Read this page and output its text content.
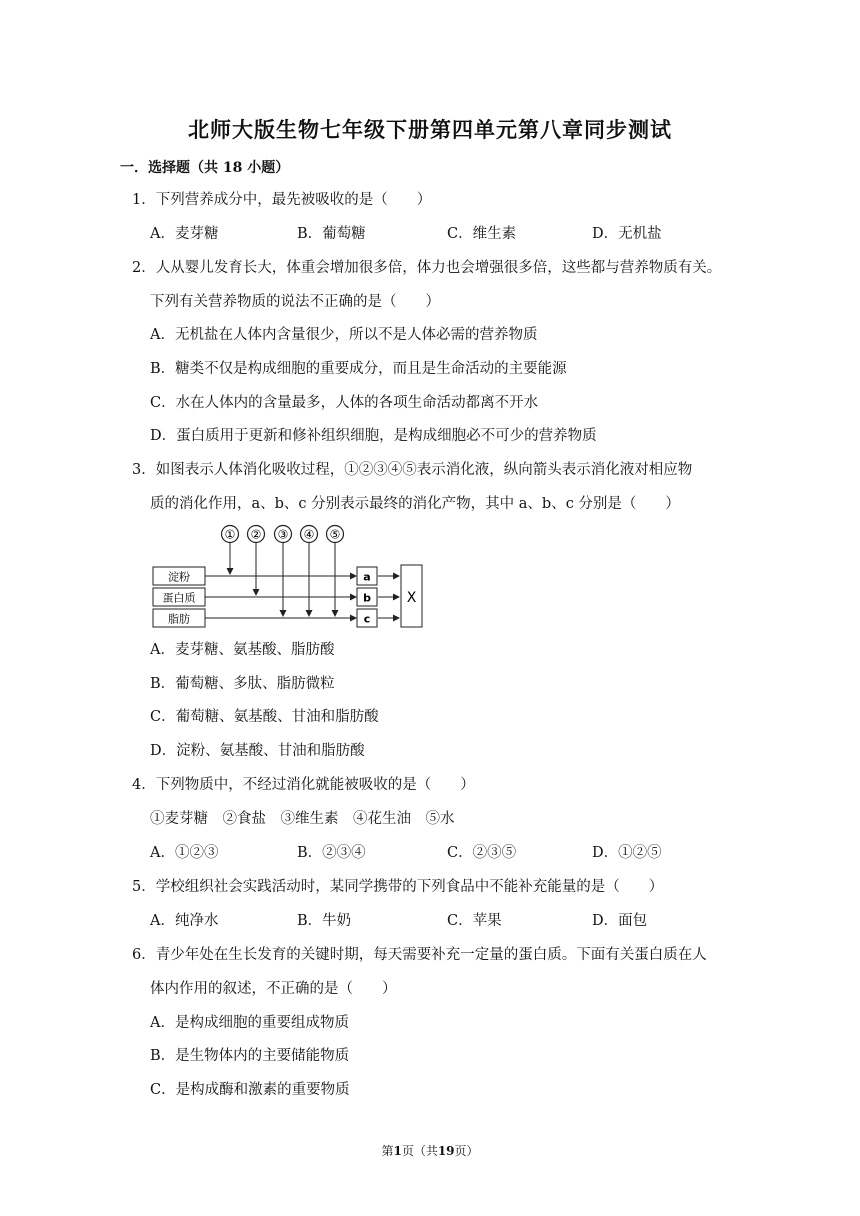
北师大版生物七年级下册第四单元第八章同步测试
一．选择题（共 18 小题）
1．下列营养成分中，最先被吸收的是（　　）
A．麦芽糖	B．葡萄糖	C．维生素	D．无机盐
2．人从婴儿发育长大，体重会增加很多倍，体力也会增强很多倍，这些都与营养物质有关。
下列有关营养物质的说法不正确的是（　　）
A．无机盐在人体内含量很少，所以不是人体必需的营养物质
B．糖类不仅是构成细胞的重要成分，而且是生命活动的主要能源
C．水在人体内的含量最多，人体的各项生命活动都离不开水
D．蛋白质用于更新和修补组织细胞，是构成细胞必不可少的营养物质
3．如图表示人体消化吸收过程，①②③④⑤表示消化液，纵向箭头表示消化液对相应物
质的消化作用，a、b、c 分别表示最终的消化产物，其中 a、b、c 分别是（　　）
① ② ③ ④ ⑤
淀粉
蛋白质
脂肪
a
b
c
X
A．麦芽糖、氨基酸、脂肪酸
B．葡萄糖、多肽、脂肪微粒
C．葡萄糖、氨基酸、甘油和脂肪酸
D．淀粉、氨基酸、甘油和脂肪酸
4．下列物质中，不经过消化就能被吸收的是（　　）
①麦芽糖　②食盐　③维生素　④花生油　⑤水
A．①②③	B．②③④	C．②③⑤	D．①②⑤
5．学校组织社会实践活动时，某同学携带的下列食品中不能补充能量的是（　　）
A．纯净水	B．牛奶	C．苹果	D．面包
6．青少年处在生长发育的关键时期，每天需要补充一定量的蛋白质。下面有关蛋白质在人
体内作用的叙述，不正确的是（　　）
A．是构成细胞的重要组成物质
B．是生物体内的主要储能物质
C．是构成酶和激素的重要物质
第1页（共19页）
